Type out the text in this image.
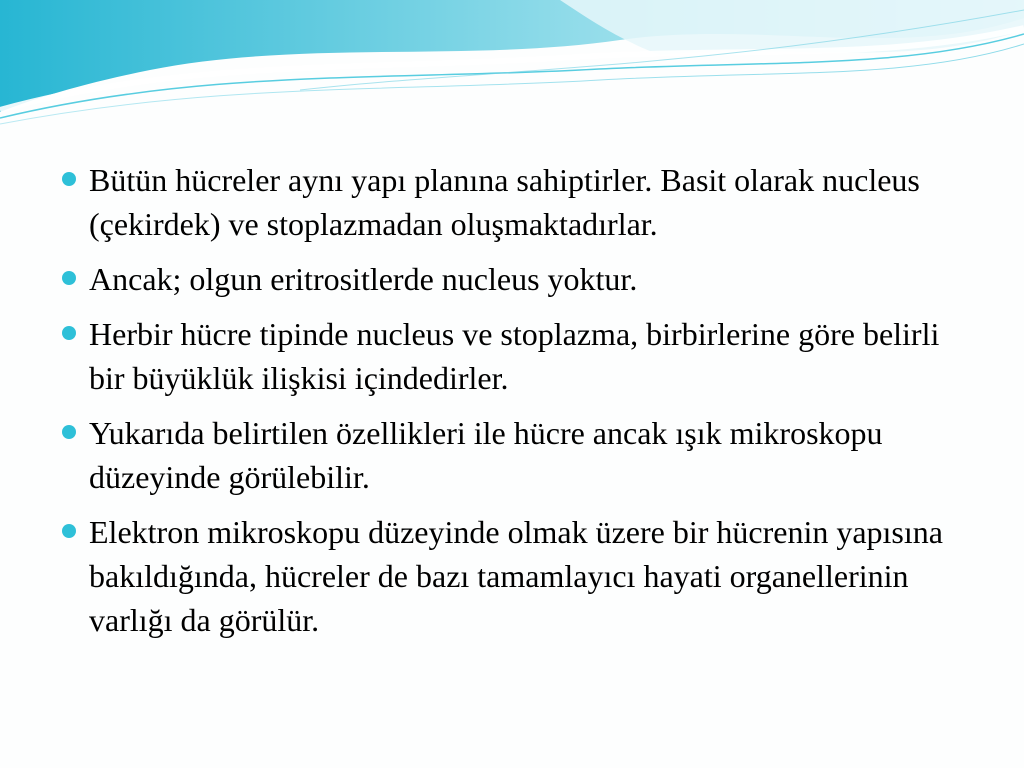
Bütün hücreler aynı yapı planına sahiptirler. Basit olarak nucleus (çekirdek) ve stoplazmadan oluşmaktadırlar.
Ancak; olgun eritrositlerde nucleus yoktur.
Herbir hücre tipinde nucleus ve stoplazma, birbirlerine göre belirli bir büyüklük ilişkisi içindedirler.
Yukarıda belirtilen özellikleri ile hücre ancak ışık mikroskopu düzeyinde görülebilir.
Elektron mikroskopu düzeyinde olmak üzere bir hücrenin yapısına bakıldığında, hücreler de bazı tamamlayıcı hayati organellerinin varlığı da görülür.
